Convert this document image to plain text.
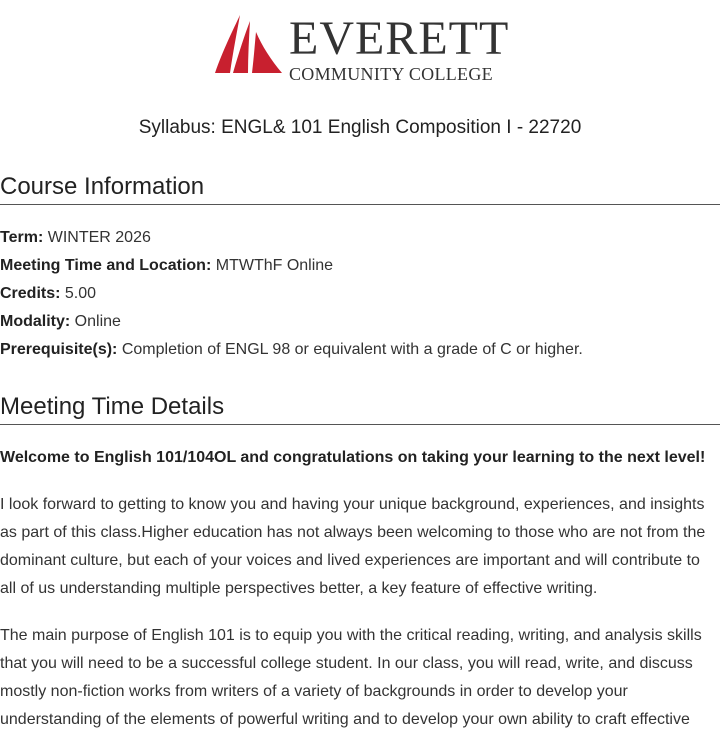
EVERETT
COMMUNITY COLLEGE
Syllabus: ENGL& 101 English Composition I - 22720
Course Information
Term: WINTER 2026
Meeting Time and Location: MTWThF Online
Credits: 5.00
Modality: Online
Prerequisite(s): Completion of ENGL 98 or equivalent with a grade of C or higher.
Meeting Time Details

Welcome to English 101/104OL and congratulations on taking your learning to the next level!

I look forward to getting to know you and having your unique background, experiences, and insights as part of this class.Higher education has not always been welcoming to those who are not from the dominant culture, but each of your voices and lived experiences are important and will contribute to all of us understanding multiple perspectives better, a key feature of effective writing.

The main purpose of English 101 is to equip you with the critical reading, writing, and analysis skills that you will need to be a successful college student. In our class, you will read, write, and discuss mostly non-fiction works from writers of a variety of backgrounds in order to develop your understanding of the elements of powerful writing and to develop your own ability to craft effective
